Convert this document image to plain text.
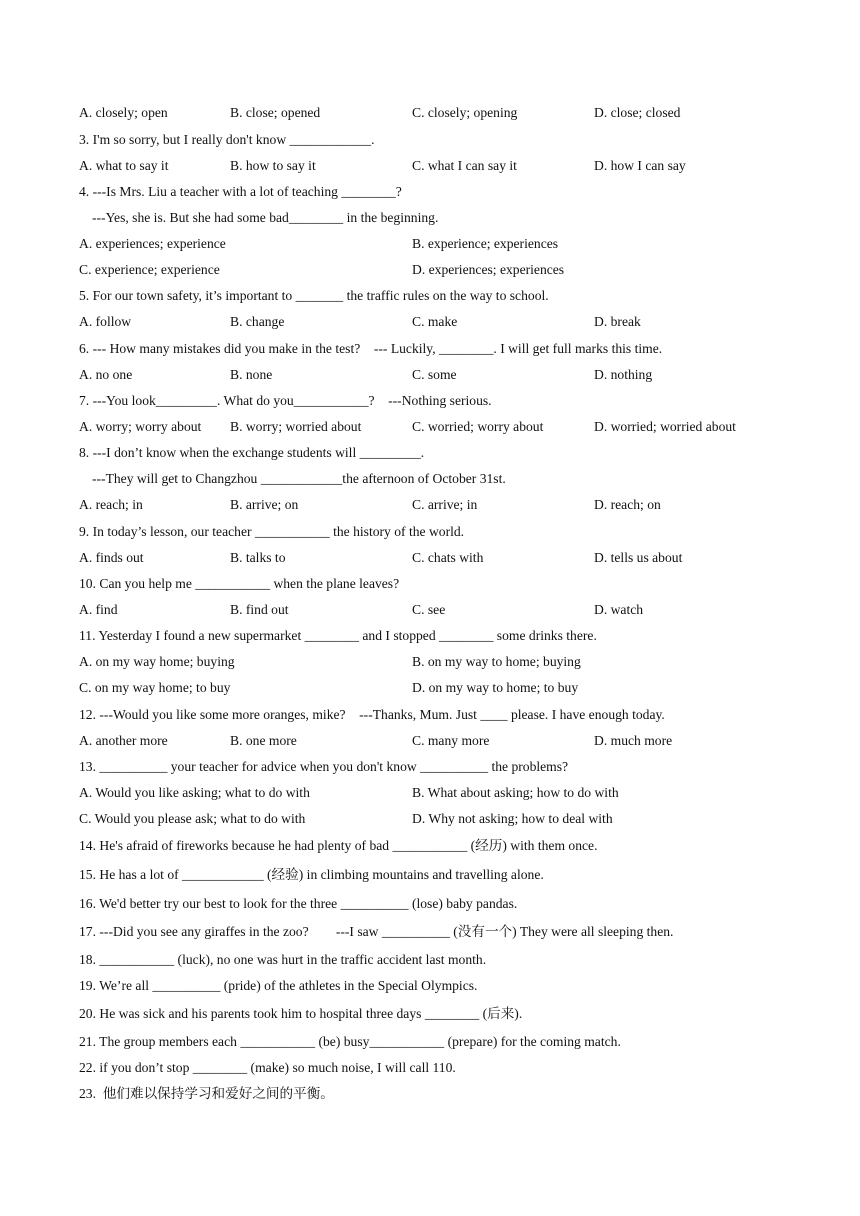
A. closely; open	B. close; opened	C. closely; opening	D. close; closed
3. I'm so sorry, but I really don't know ____________.
A. what to say it	B. how to say it	C. what I can say it	D. how I can say
4. ---Is Mrs. Liu a teacher with a lot of teaching ________?
---Yes, she is. But she had some bad________ in the beginning.
A. experiences; experience	B. experience; experiences
C. experience; experience	D. experiences; experiences
5. For our town safety, it’s important to _______ the traffic rules on the way to school.
A. follow	B. change	C. make	D. break
6. --- How many mistakes did you make in the test?    --- Luckily, ________. I will get full marks this time.
A. no one	B. none	C. some	D. nothing
7. ---You look_________. What do you___________?    ---Nothing serious.
A. worry; worry about B. worry; worried about	C. worried; worry about	D. worried; worried about
8. ---I don’t know when the exchange students will _________.
---They will get to Changzhou ____________the afternoon of October 31st.
A. reach; in	B. arrive; on	C. arrive; in	D. reach; on
9. In today’s lesson, our teacher ___________ the history of the world.
A. finds out	B. talks to	C. chats with	D. tells us about
10. Can you help me ___________ when the plane leaves?
A. find	B. find out	C. see	D. watch
11. Yesterday I found a new supermarket ________ and I stopped ________ some drinks there.
A. on my way home; buying	B. on my way to home; buying
C. on my way home; to buy	D. on my way to home; to buy
12. ---Would you like some more oranges, mike?    ---Thanks, Mum. Just ____ please. I have enough today.
A. another more	B. one more	C. many more	D. much more
13. __________ your teacher for advice when you don't know __________ the problems?
A. Would you like asking; what to do with	B. What about asking; how to do with
C. Would you please ask; what to do with	D. Why not asking; how to deal with
14. He's afraid of fireworks because he had plenty of bad ___________ (经历) with them once.
15. He has a lot of ____________ (经验) in climbing mountains and travelling alone.
16. We'd better try our best to look for the three __________ (lose) baby pandas.
17. ---Did you see any giraffes in the zoo?        ---I saw __________ (没有一个) They were all sleeping then.
18. ___________ (luck), no one was hurt in the traffic accident last month.
19. We’re all __________ (pride) of the athletes in the Special Olympics.
20. He was sick and his parents took him to hospital three days ________ (后来).
21. The group members each ___________ (be) busy___________ (prepare) for the coming match.
22. if you don’t stop ________ (make) so much noise, I will call 110.
23.  他们难以保持学习和爱好之间的平衡。
